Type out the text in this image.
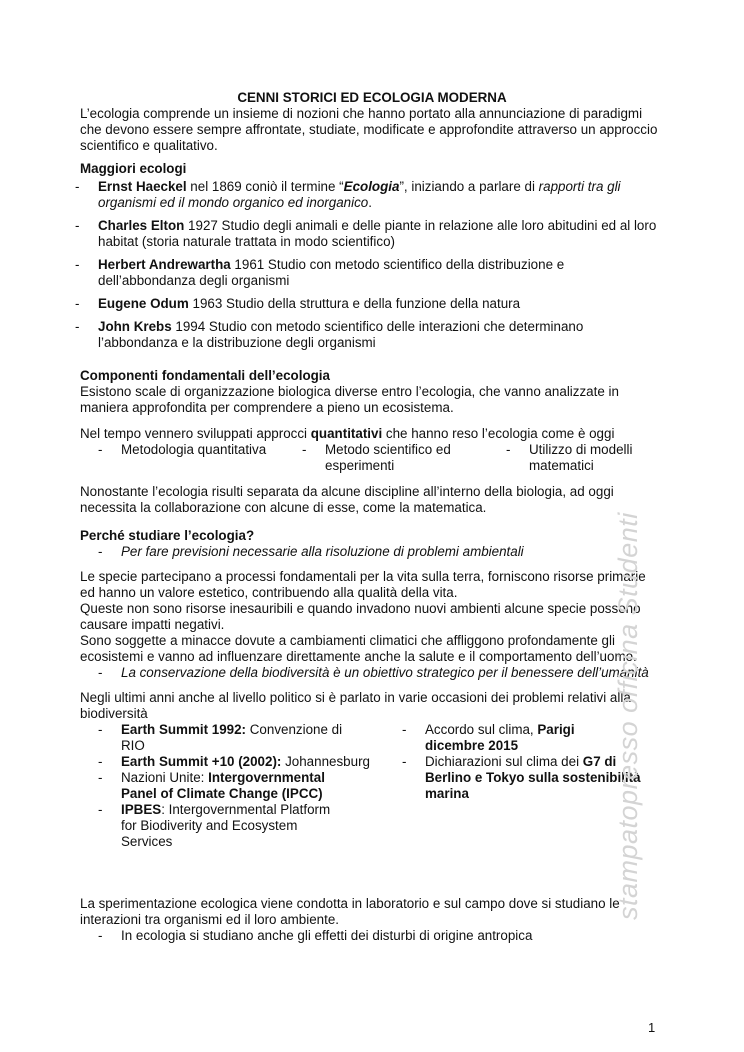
CENNI STORICI ED ECOLOGIA MODERNA

L’ecologia comprende un insieme di nozioni che hanno portato alla annunciazione di paradigmi che devono essere sempre affrontate, studiate, modificate e approfondite attraverso un approccio scientifico e qualitativo.

Maggiori ecologi

- Ernst Haeckel nel 1869 coniò il termine “Ecologia”, iniziando a parlare di rapporti tra gli organismi ed il mondo organico ed inorganico.
- Charles Elton 1927 Studio degli animali e delle piante in relazione alle loro abitudini ed al loro habitat (storia naturale trattata in modo scientifico)
- Herbert Andrewartha 1961 Studio con metodo scientifico della distribuzione e dell’abbondanza degli organismi
- Eugene Odum 1963 Studio della struttura e della funzione della natura
- John Krebs 1994 Studio con metodo scientifico delle interazioni che determinano l’abbondanza e la distribuzione degli organismi

Componenti fondamentali dell’ecologia

Esistono scale di organizzazione biologica diverse entro l’ecologia, che vanno analizzate in maniera approfondita per comprendere a pieno un ecosistema.

Nel tempo vennero sviluppati approcci quantitativi che hanno reso l’ecologia come è oggi

- Metodologia quantitativa	- Metodo scientifico ed esperimenti
- Utilizzo di modelli matematici

Nonostante l’ecologia risulti separata da alcune discipline all’interno della biologia, ad oggi necessita la collaborazione con alcune di esse, come la matematica.

Perché studiare l’ecologia?

- Per fare previsioni necessarie alla risoluzione di problemi ambientali

Le specie partecipano a processi fondamentali per la vita sulla terra, forniscono risorse primarie ed hanno un valore estetico, contribuendo alla qualità della vita.

Queste non sono risorse inesauribili e quando invadono nuovi ambienti alcune specie possono causare impatti negativi.

Sono soggette a minacce dovute a cambiamenti climatici che affliggono profondamente gli ecosistemi e vanno ad influenzare direttamente anche la salute e il comportamento dell’uomo.

- La conservazione della biodiversità è un obiettivo strategico per il benessere dell’umanità

Negli ultimi anni anche al livello politico si è parlato in varie occasioni dei problemi relativi alla biodiversità

- Earth Summit 1992: Convenzione di RIO
- Earth Summit +10 (2002): Johannesburg
- Nazioni Unite: Intergovernmental Panel of Climate Change (IPCC)
- IPBES: Intergovernmental Platform for Biodiverity and Ecosystem Services
- Accordo sul clima, Parigi dicembre 2015
- Dichiarazioni sul clima dei G7 di Berlino e Tokyo sulla sostenibilità marina

La sperimentazione ecologica viene condotta in laboratorio e sul campo dove si studiano le interazioni tra organismi ed il loro ambiente.

- In ecologia si studiano anche gli effetti dei disturbi di origine antropica
stampatopresso officina Studenti
1
